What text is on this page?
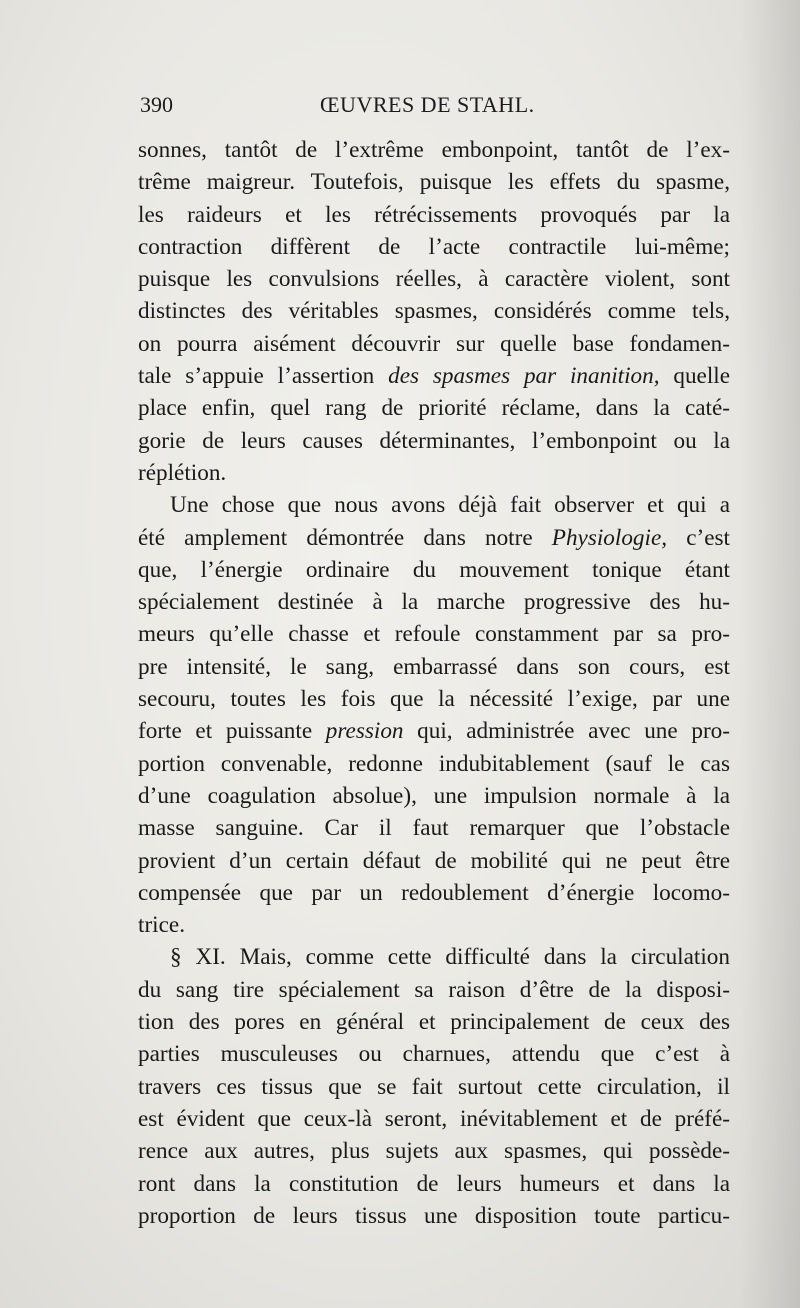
390	ŒUVRES DE STAHL.
sonnes, tantôt de l’extrême embonpoint, tantôt de l’ex-
trême maigreur. Toutefois, puisque les effets du spasme,
les raideurs et les rétrécissements provoqués par la
contraction diffèrent de l’acte contractile lui-même;
puisque les convulsions réelles, à caractère violent, sont
distinctes des véritables spasmes, considérés comme tels,
on pourra aisément découvrir sur quelle base fondamen-
tale s’appuie l’assertion des spasmes par inanition, quelle
place enfin, quel rang de priorité réclame, dans la caté-
gorie de leurs causes déterminantes, l’embonpoint ou la
réplétion.
Une chose que nous avons déjà fait observer et qui a
été amplement démontrée dans notre Physiologie, c’est
que, l’énergie ordinaire du mouvement tonique étant
spécialement destinée à la marche progressive des hu-
meurs qu’elle chasse et refoule constamment par sa pro-
pre intensité, le sang, embarrassé dans son cours, est
secouru, toutes les fois que la nécessité l’exige, par une
forte et puissante pression qui, administrée avec une pro-
portion convenable, redonne indubitablement (sauf le cas
d’une coagulation absolue), une impulsion normale à la
masse sanguine. Car il faut remarquer que l’obstacle
provient d’un certain défaut de mobilité qui ne peut être
compensée que par un redoublement d’énergie locomo-
trice.
§ XI. Mais, comme cette difficulté dans la circulation
du sang tire spécialement sa raison d’être de la disposi-
tion des pores en général et principalement de ceux des
parties musculeuses ou charnues, attendu que c’est à
travers ces tissus que se fait surtout cette circulation, il
est évident que ceux-là seront, inévitablement et de préfé-
rence aux autres, plus sujets aux spasmes, qui possède-
ront dans la constitution de leurs humeurs et dans la
proportion de leurs tissus une disposition toute particu-
